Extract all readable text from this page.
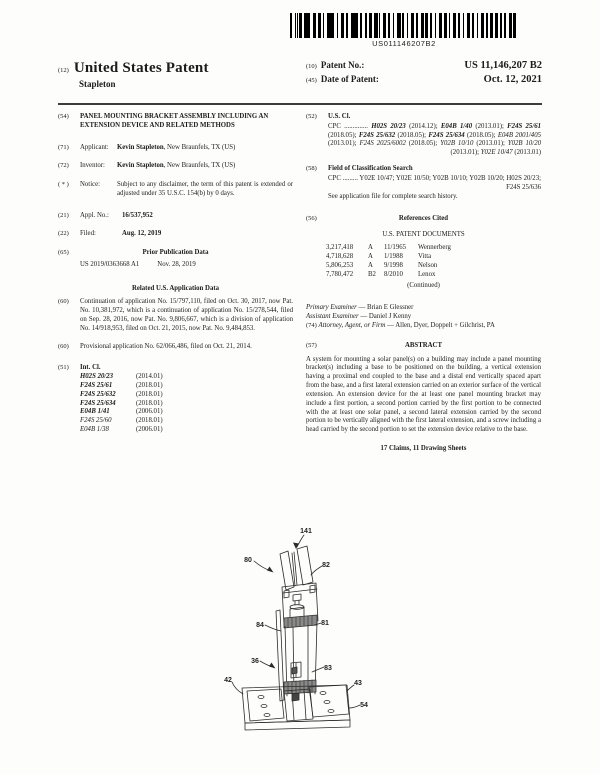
US011146207B2
(12) United States Patent
Stapleton
(10) Patent No.:	US 11,146,207 B2
(45) Date of Patent:	Oct. 12, 2021
(54)	PANEL MOUNTING BRACKET ASSEMBLY INCLUDING AN EXTENSION DEVICE AND RELATED METHODS
(71)	Applicant:	Kevin Stapleton, New Braunfels, TX (US)
(72)	Inventor:	Kevin Stapleton, New Braunfels, TX (US)
( * )	Notice:	Subject to any disclaimer, the term of this patent is extended or adjusted under 35 U.S.C. 154(b) by 0 days.
(21)	Appl. No.:	16/537,952
(22)	Filed:	Aug. 12, 2019
(65)	Prior Publication Data
US 2019/0363668 A1	Nov. 28, 2019
Related U.S. Application Data
(60)	Continuation of application No. 15/797,110, filed on Oct. 30, 2017, now Pat. No. 10,381,972, which is a continuation of application No. 15/278,544, filed on Sep. 28, 2016, now Pat. No. 9,806,667, which is a division of application No. 14/918,953, filed on Oct. 21, 2015, now Pat. No. 9,484,853.
(60)	Provisional application No. 62/066,486, filed on Oct. 21, 2014.
(51)	Int. Cl.
H02S 20/23	(2014.01)
F24S 25/61	(2018.01)
F24S 25/632	(2018.01)
F24S 25/634	(2018.01)
E04B 1/41	(2006.01)
F24S 25/60	(2018.01)
E04B 1/38	(2006.01)
(52)	U.S. Cl.
CPC .............. H02S 20/23 (2014.12); E04B 1/40 (2013.01); F24S 25/61 (2018.05); F24S 25/632 (2018.05); F24S 25/634 (2018.05); E04B 2001/405 (2013.01); F24S 2025/6002 (2018.05); Y02B 10/10 (2013.01); Y02B 10/20 (2013.01); Y02E 10/47 (2013.01)
(58)	Field of Classification Search
CPC ......... Y02E 10/47; Y02E 10/50; Y02B 10/10; Y02B 10/20; H02S 20/23; F24S 25/636
See application file for complete search history.
(56)	References Cited
U.S. PATENT DOCUMENTS
3,217,418	A	11/1965	Wennerberg
4,718,628	A	1/1988	Vitta
5,806,253	A	9/1998	Nelson
7,780,472	B2	8/2010	Lenox
(Continued)
Primary Examiner — Brian E Glessner
Assistant Examiner — Daniel J Kenny
(74) Attorney, Agent, or Firm — Allen, Dyer, Doppelt + Gilchrist, PA
(57)	ABSTRACT
A system for mounting a solar panel(s) on a building may include a panel mounting bracket(s) including a base to be positioned on the building, a vertical extension having a proximal end coupled to the base and a distal end vertically spaced apart from the base, and a first lateral extension carried on an exterior surface of the vertical extension. An extension device for the at least one panel mounting bracket may include a first portion, a second portion carried by the first portion to be connected with the at least one solar panel, a second lateral extension carried by the second portion to be vertically aligned with the first lateral extension, and a screw including a head carried by the second portion to set the extension device relative to the base.
17 Claims, 11 Drawing Sheets
141
80
82
84	81
36
83
42	43
54
